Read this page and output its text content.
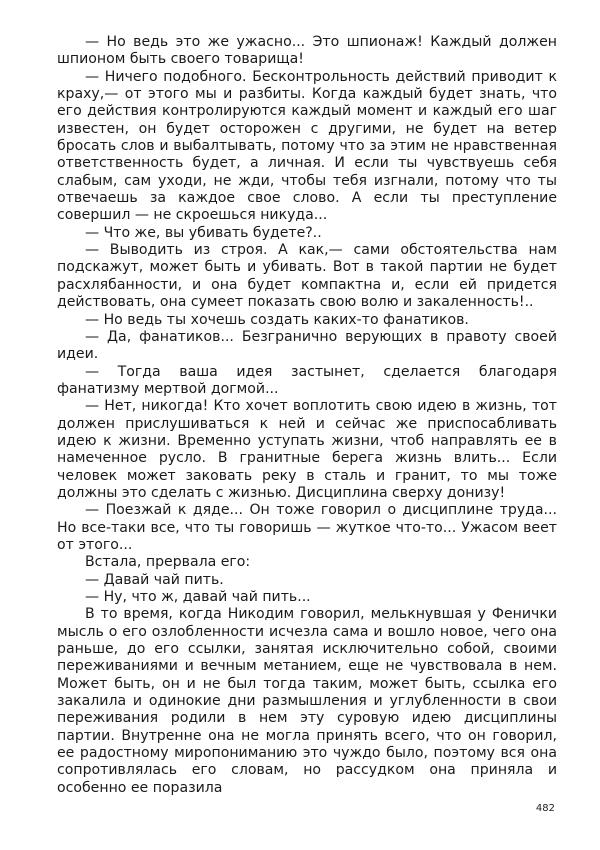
— Но ведь это же ужасно... Это шпионаж! Каждый должен шпионом быть своего товарища!

— Ничего подобного. Бесконтрольность действий приводит к краху,— от этого мы и разбиты. Когда каждый будет знать, что его действия контролируются каждый момент и каждый его шаг известен, он будет осторожен с другими, не будет на ветер бросать слов и выбалтывать, потому что за этим не нравственная ответственность будет, а личная. И если ты чувствуешь себя слабым, сам уходи, не жди, чтобы тебя изгнали, потому что ты отвечаешь за каждое свое слово. А если ты преступление совершил — не скроешься никуда...

— Что же, вы убивать будете?..

— Выводить из строя. А как,— сами обстоятельства нам подскажут, может быть и убивать. Вот в такой партии не будет расхлябанности, и она будет компактна и, если ей придется действовать, она сумеет показать свою волю и закаленность!..

— Но ведь ты хочешь создать каких-то фанатиков.

— Да, фанатиков... Безгранично верующих в правоту своей идеи.

— Тогда ваша идея застынет, сделается благодаря фанатизму мертвой догмой...

— Нет, никогда! Кто хочет воплотить свою идею в жизнь, тот должен прислушиваться к ней и сейчас же приспосабливать идею к жизни. Временно уступать жизни, чтоб направлять ее в намеченное русло. В гранитные берега жизнь влить... Если человек может заковать реку в сталь и гранит, то мы тоже должны это сделать с жизнью. Дисциплина сверху донизу!

— Поезжай к дяде... Он тоже говорил о дисциплине труда... Но все-таки все, что ты говоришь — жуткое что-то... Ужасом веет от этого...

Встала, прервала его:

— Давай чай пить.

— Ну, что ж, давай чай пить...

В то время, когда Никодим говорил, мелькнувшая у Фенички мысль о его озлобленности исчезла сама и вошло новое, чего она раньше, до его ссылки, занятая исключительно собой, своими переживаниями и вечным метанием, еще не чувствовала в нем. Может быть, он и не был тогда таким, может быть, ссылка его закалила и одинокие дни размышления и углубленности в свои переживания родили в нем эту суровую идею дисциплины партии. Внутренне она не могла принять всего, что он говорил, ее радостному миропониманию это чуждо было, поэтому вся она сопротивлялась его словам, но рассудком она приняла и особенно ее поразила

482
